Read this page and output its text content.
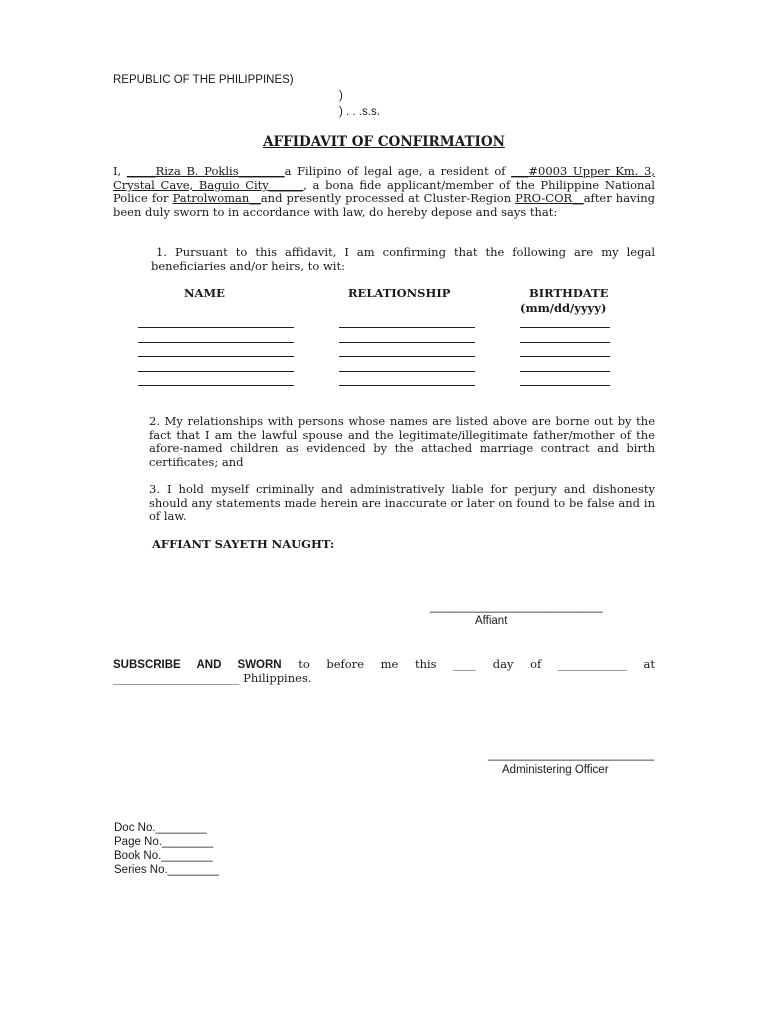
REPUBLIC OF THE PHILIPPINES)
)
) . . .s.s.
AFFIDAVIT OF CONFIRMATION
I, _____Riza B. Poklis________a Filipino of legal age, a resident of ___#0003 Upper Km. 3, Crystal Cave, Baguio City______, a bona fide applicant/member of the Philippine National Police for Patrolwoman__and presently processed at Cluster-Region PRO-COR__after having been duly sworn to in accordance with law, do hereby depose and says that:
1. Pursuant to this affidavit, I am confirming that the following are my legal beneficiaries and/or heirs, to wit:
NAME	RELATIONSHIP	BIRTHDATE
(mm/dd/yyyy)
2. My relationships with persons whose names are listed above are borne out by the fact that I am the lawful spouse and the legitimate/illegitimate father/mother of the afore-named children as evidenced by the attached marriage contract and birth certificates; and
3. I hold myself criminally and administratively liable for perjury and dishonesty should any statements made herein are inaccurate or later on found to be false and in of law.
AFFIANT SAYETH NAUGHT:
___________________________
Affiant
SUBSCRIBE AND SWORN to before me this ____ day of ____________ at
______________________ Philippines.
__________________________
Administering Officer
Doc No.________
Page No.________
Book No.________
Series No.________
